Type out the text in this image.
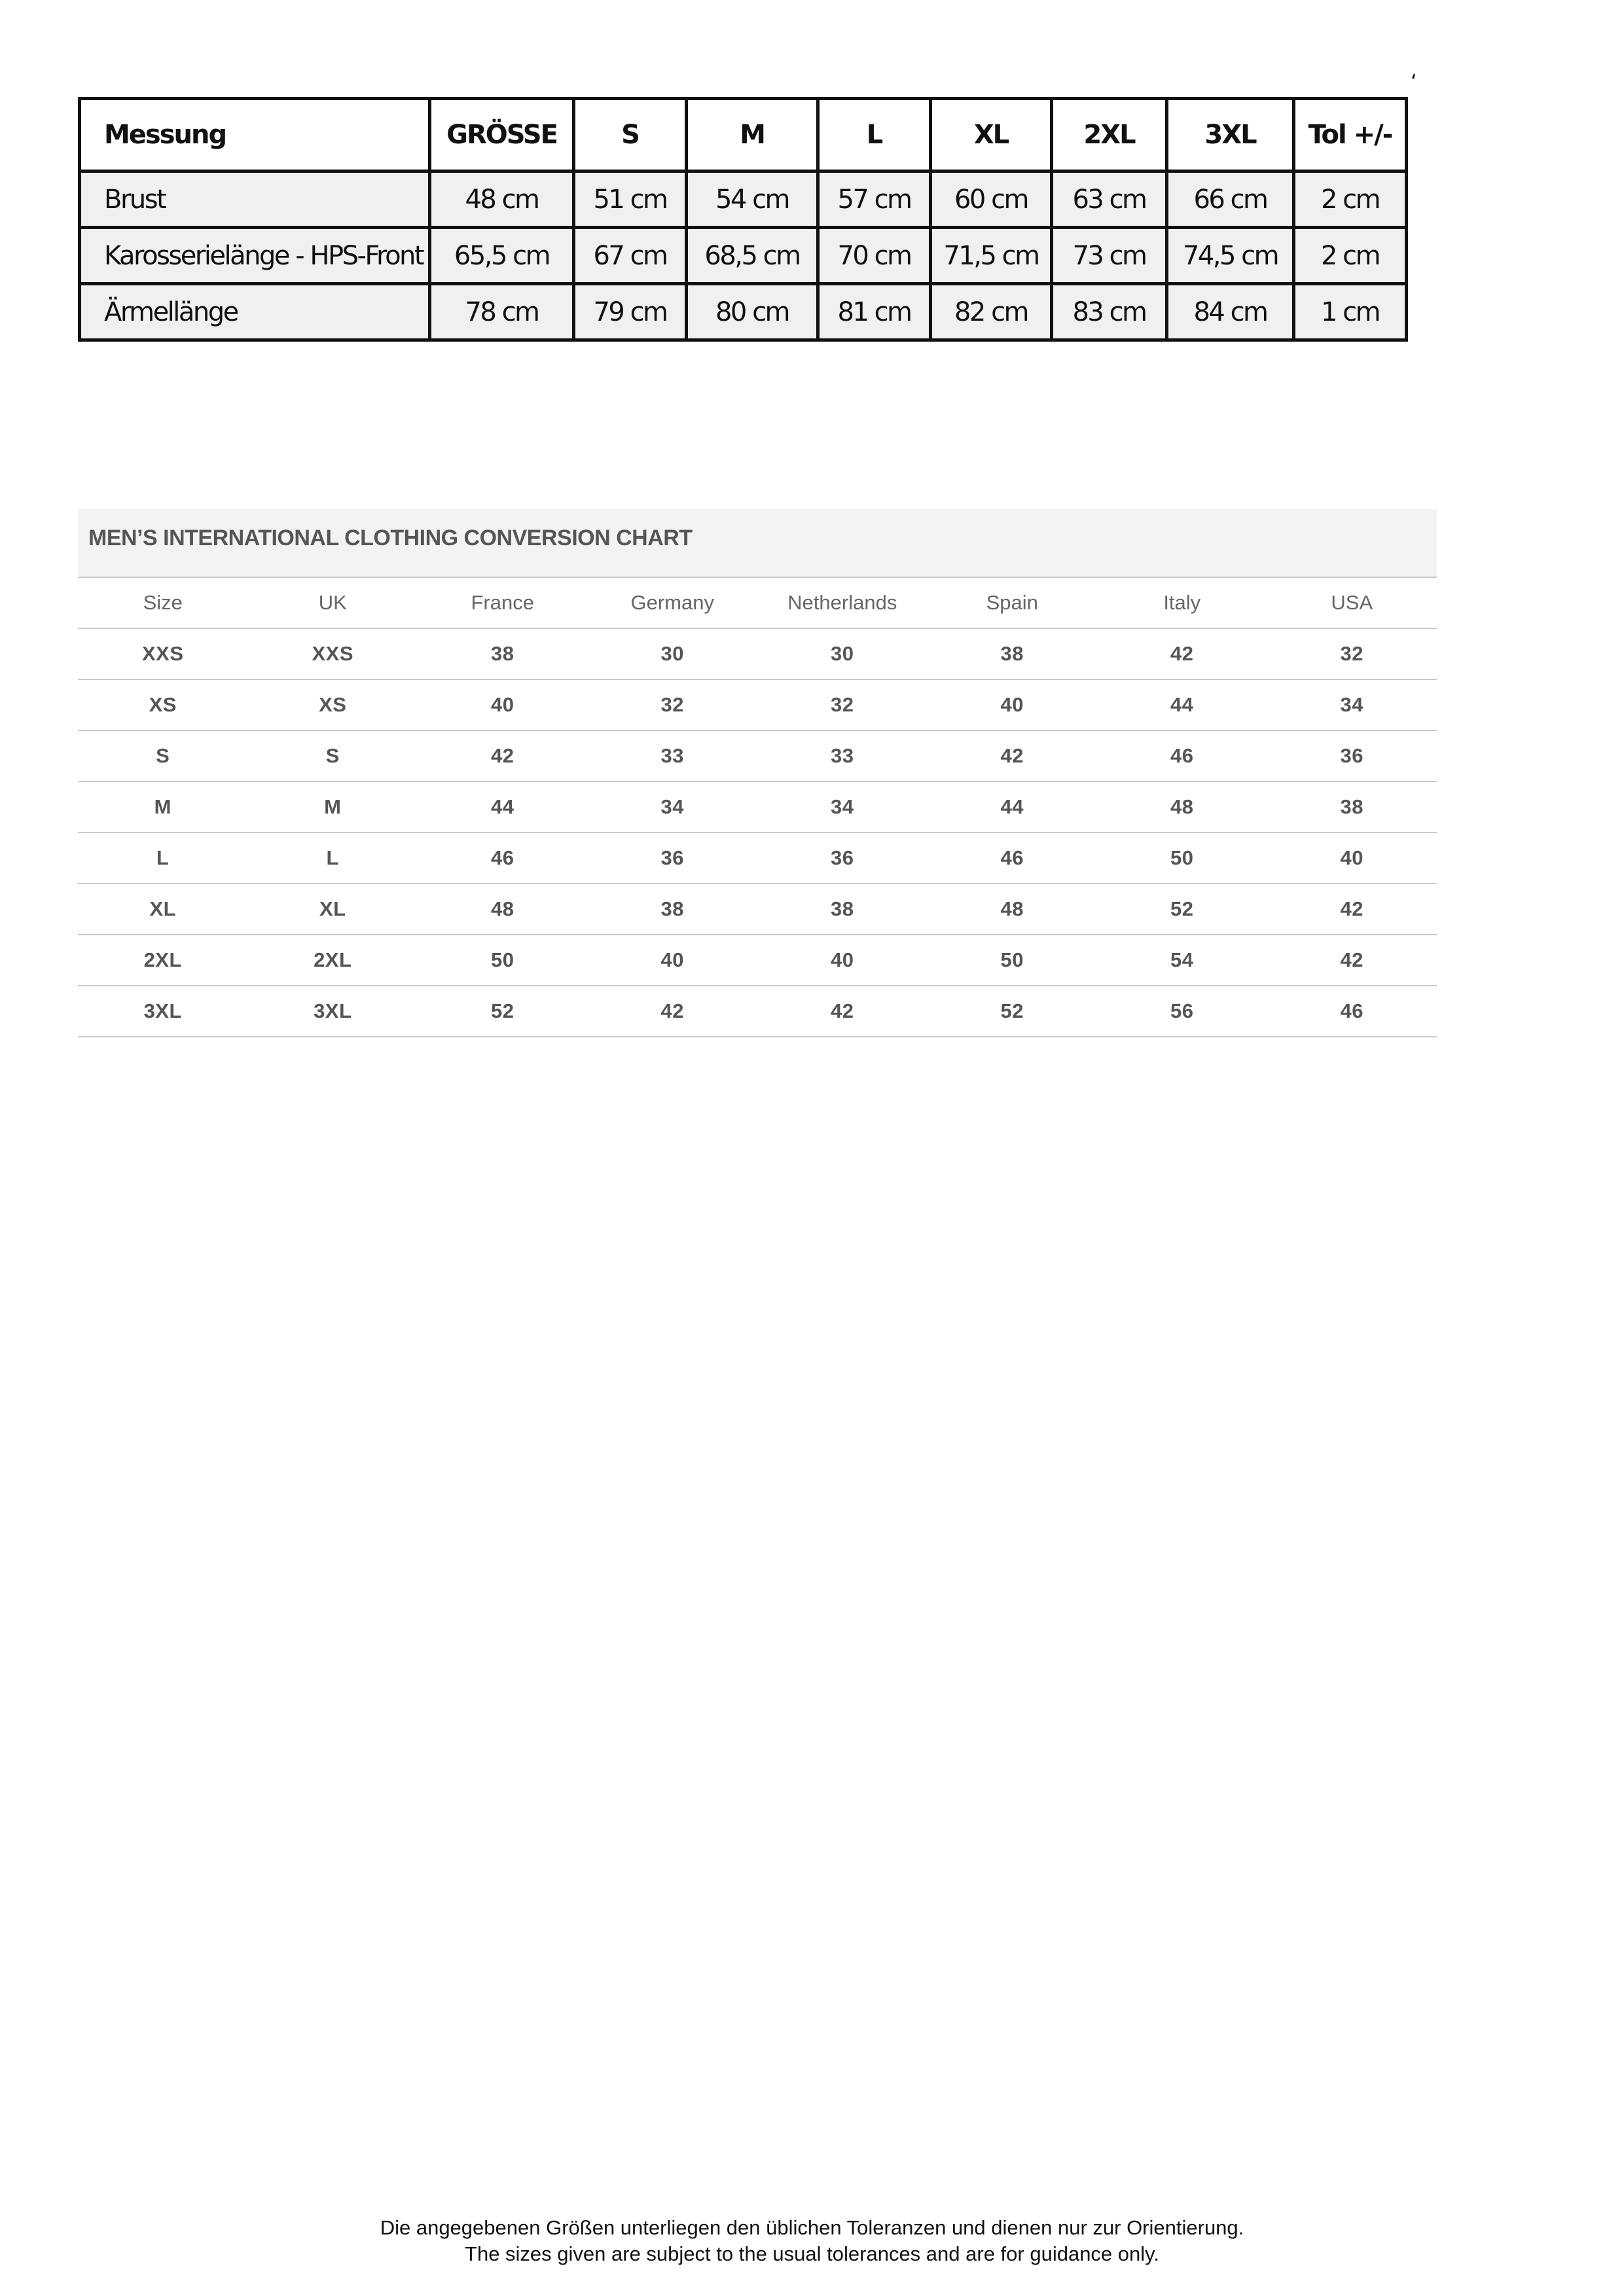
‘
Messung	GRÖSSE	S	M	L	XL	2XL	3XL	Tol +/-
Brust	48 cm	51 cm	54 cm	57 cm	60 cm	63 cm	66 cm	2 cm
Karosserielänge - HPS-Front	65,5 cm	67 cm	68,5 cm	70 cm	71,5 cm	73 cm	74,5 cm	2 cm
Ärmellänge	78 cm	79 cm	80 cm	81 cm	82 cm	83 cm	84 cm	1 cm
MEN’S INTERNATIONAL CLOTHING CONVERSION CHART
Size	UK	France	Germany	Netherlands	Spain	Italy	USA
XXS	XXS	38	30	30	38	42	32
XS	XS	40	32	32	40	44	34
S	S	42	33	33	42	46	36
M	M	44	34	34	44	48	38
L	L	46	36	36	46	50	40
XL	XL	48	38	38	48	52	42
2XL	2XL	50	40	40	50	54	42
3XL	3XL	52	42	42	52	56	46
Die angegebenen Größen unterliegen den üblichen Toleranzen und dienen nur zur Orientierung.
The sizes given are subject to the usual tolerances and are for guidance only.
